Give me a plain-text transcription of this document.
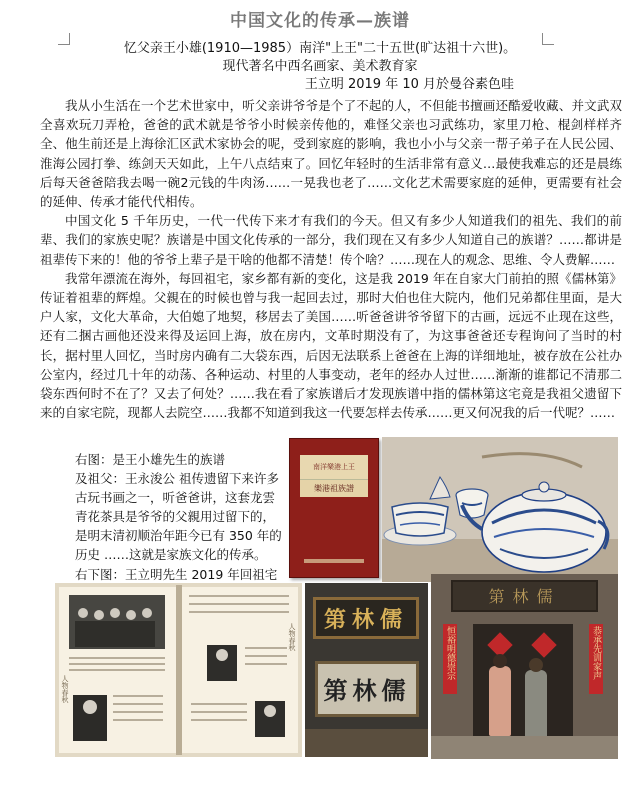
中国文化的传承—族谱
忆父亲王小雄(1910—1985）南洋"上王"二十五世(旷达祖十六世)。
现代著名中西名画家、美术教育家
王立明 2019 年 10 月於曼谷素色哇

我从小生活在一个艺术世家中，听父亲讲爷爷是个了不起的人，不但能书擅画还酷爱收藏、并文武双全喜欢玩刀弄枪，爸爸的武术就是爷爷小时候亲传他的，难怪父亲也习武练功，家里刀枪、棍剑样样齐全、他生前还是上海徐汇区武术家协会的呢，受到家庭的影响，我也小小与父亲一帮子弟子在人民公园、淮海公园打拳、练剑天天如此，上午八点结束了。回忆年轻时的生活非常有意义…最使我难忘的还是晨练后每天爸爸陪我去喝一碗2元钱的牛肉汤……一晃我也老了……文化艺术需要家庭的延伸，更需要有社会的延伸、传承才能代代相传。

中国文化 5 千年历史，一代一代传下来才有我们的今天。但又有多少人知道我们的祖先、我们的前辈、我们的家族史呢？族谱是中国文化传承的一部分，我们现在又有多少人知道自己的族谱？……都讲是祖辈传下来的！他的爷爷上辈子是干啥的他都不清楚！传个啥？……现在人的观念、思维、令人费解……

我常年漂流在海外，每回祖宅，家乡都有新的变化，这是我 2019 年在自家大门前拍的照《儒林第》传证着祖辈的辉煌。父親在的时候也曾与我一起回去过，那时大伯也住大院内，他们兄弟都住里面，是大户人家，文化大革命，大伯媳了地契，移居去了美国……听爸爸讲爷爷留下的古画，远远不止现在这些，还有二捆古画他还没来得及运回上海，放在房内，文革时期没有了，为这事爸爸还专程询问了当时的村长，据村里人回忆，当时房内确有二大袋东西，后因无法联系上爸爸在上海的详细地址，被存放在公社办公室内，经过几十年的动荡、各种运动、村里的人事变动，老年的经办人过世……渐渐的谁都记不清那二袋东西何时不在了？又去了何处？……我在看了家族谱后才发现族谱中指的儒林第这宅竟是我祖父遗留下来的自家宅院，现都人去院空……我都不知道到我这一代要怎样去传承……更又何况我的后一代呢？……

右图：是王小雄先生的族谱

及祖父：王永浚公 祖传遗留下来许多

古玩书画之一，听爸爸讲，这套龙雲

青花茶具是爷爷的父親用过留下的，

是明末清初顺治年距今已有 350 年的

历史 ……这就是家族文化的传承。

右下图：王立明先生 2019 年回祖宅

南洋樂港上王
樂港祖族譜
人物春秋
人物春秋
第林儒
第林儒
第林儒
恒裕明德崇宗	恭承先训家声
